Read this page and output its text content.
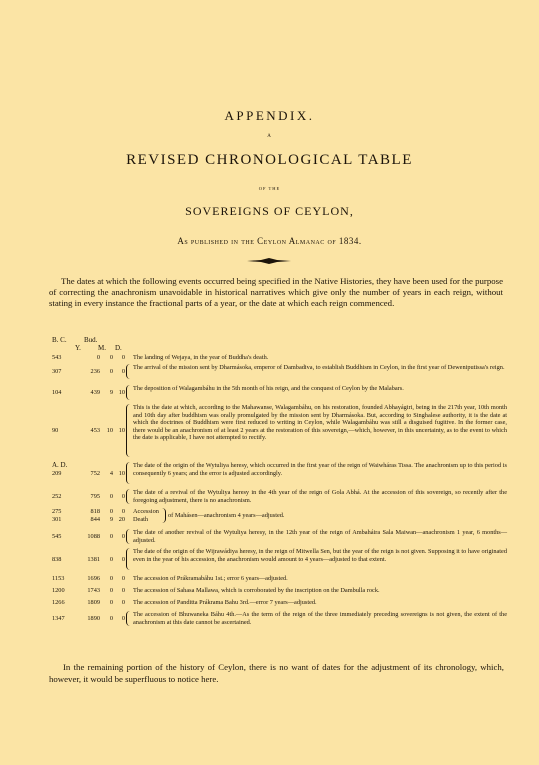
APPENDIX.
A
REVISED CHRONOLOGICAL TABLE
OF THE
SOVEREIGNS OF CEYLON,
As published in the Ceylon Almanac of 1834.
The dates at which the following events occurred being specified in the Native Histories, they have been used for the purpose of correcting the anachronism unavoidable in historical narratives which give only the number of years in each reign, without stating in every instance the fractional parts of a year, or the date at which each reign commenced.
B. C. Bud.
Y. M. D.
A. D.
543	0	0	0 The landing of Wejaya, in the year of Buddha's death.
307	236	0	0
The arrival of the mission sent by Dharmásoka, emperor of Dambadiva, to establish Buddhism in Ceylon, in the first year of Deweniputissa's reign.
104	439	9 10
The deposition of Walagambáhu in the 5th month of his reign, and the conquest of Ceylon by the Malabars.
90	453	10 10
This is the date at which, according to the Mahawanse, Walagambáhu, on his restoration, founded Abhayágiri, being in the 217th year, 10th month and 10th day after buddhism was orally promulgated by the mission sent by Dharmásoka. But, according to Singhalese authority, it is the date at which the doctrines of Buddhism were first reduced to writing in Ceylon, while Walagambáhu was still a disguised fugitive. In the former case, there would be an anachronism of at least 2 years at the restoration of this sovereign,—which, however, in this uncertainty, as to the event to which the date is applicable, I have not attempted to rectify.
209	752	4 10
The date of the origin of the Wytuliya heresy, which occurred in the first year of the reign of Waiwháras Tissa. The anachronism up to this period is consequently 6 years; and the error is adjusted accordingly.
252	795	0	0
The date of a revival of the Wytuliya heresy in the 4th year of the reign of Gola Abhá. At the accession of this sovereign, so recently after the foregoing adjustment, there is no anachronism.
275	818	0	0 Accession
301	844	9 20 Death
of Mahásen—anachronism 4 years—adjusted.
545	1088	0	0
The date of another revival of the Wytuliya heresy, in the 12th year of the reign of Ambaháira Sala Maiwan—anachronism 1 year, 6 months—adjusted.
838	1381	0	0
The date of the origin of the Wijrawádiya heresy, in the reign of Mitwella Sen, but the year of the reign is not given. Supposing it to have originated even in the year of his accession, the anachronism would amount to 4 years—adjusted to that extent.
1153	1696	0	0 The accession of Prákramabáhu 1st.; error 6 years—adjusted.
1200	1743	0	0 The accession of Sahasa Mallawa, which is corroborated by the inscription on the Dambulla rock.
1266	1809	0	0 The accession of Panditta Prákrama Bahu 3rd.—error 7 years—adjusted.
1347	1890	0	0
The accession of Bhuwaneka Báhu 4th.—As the term of the reign of the three immediately preceding sovereigns is not given, the extent of the anachronism at this date cannot be ascertained.
In the remaining portion of the history of Ceylon, there is no want of dates for the adjustment of its chronology, which, however, it would be superfluous to notice here.
